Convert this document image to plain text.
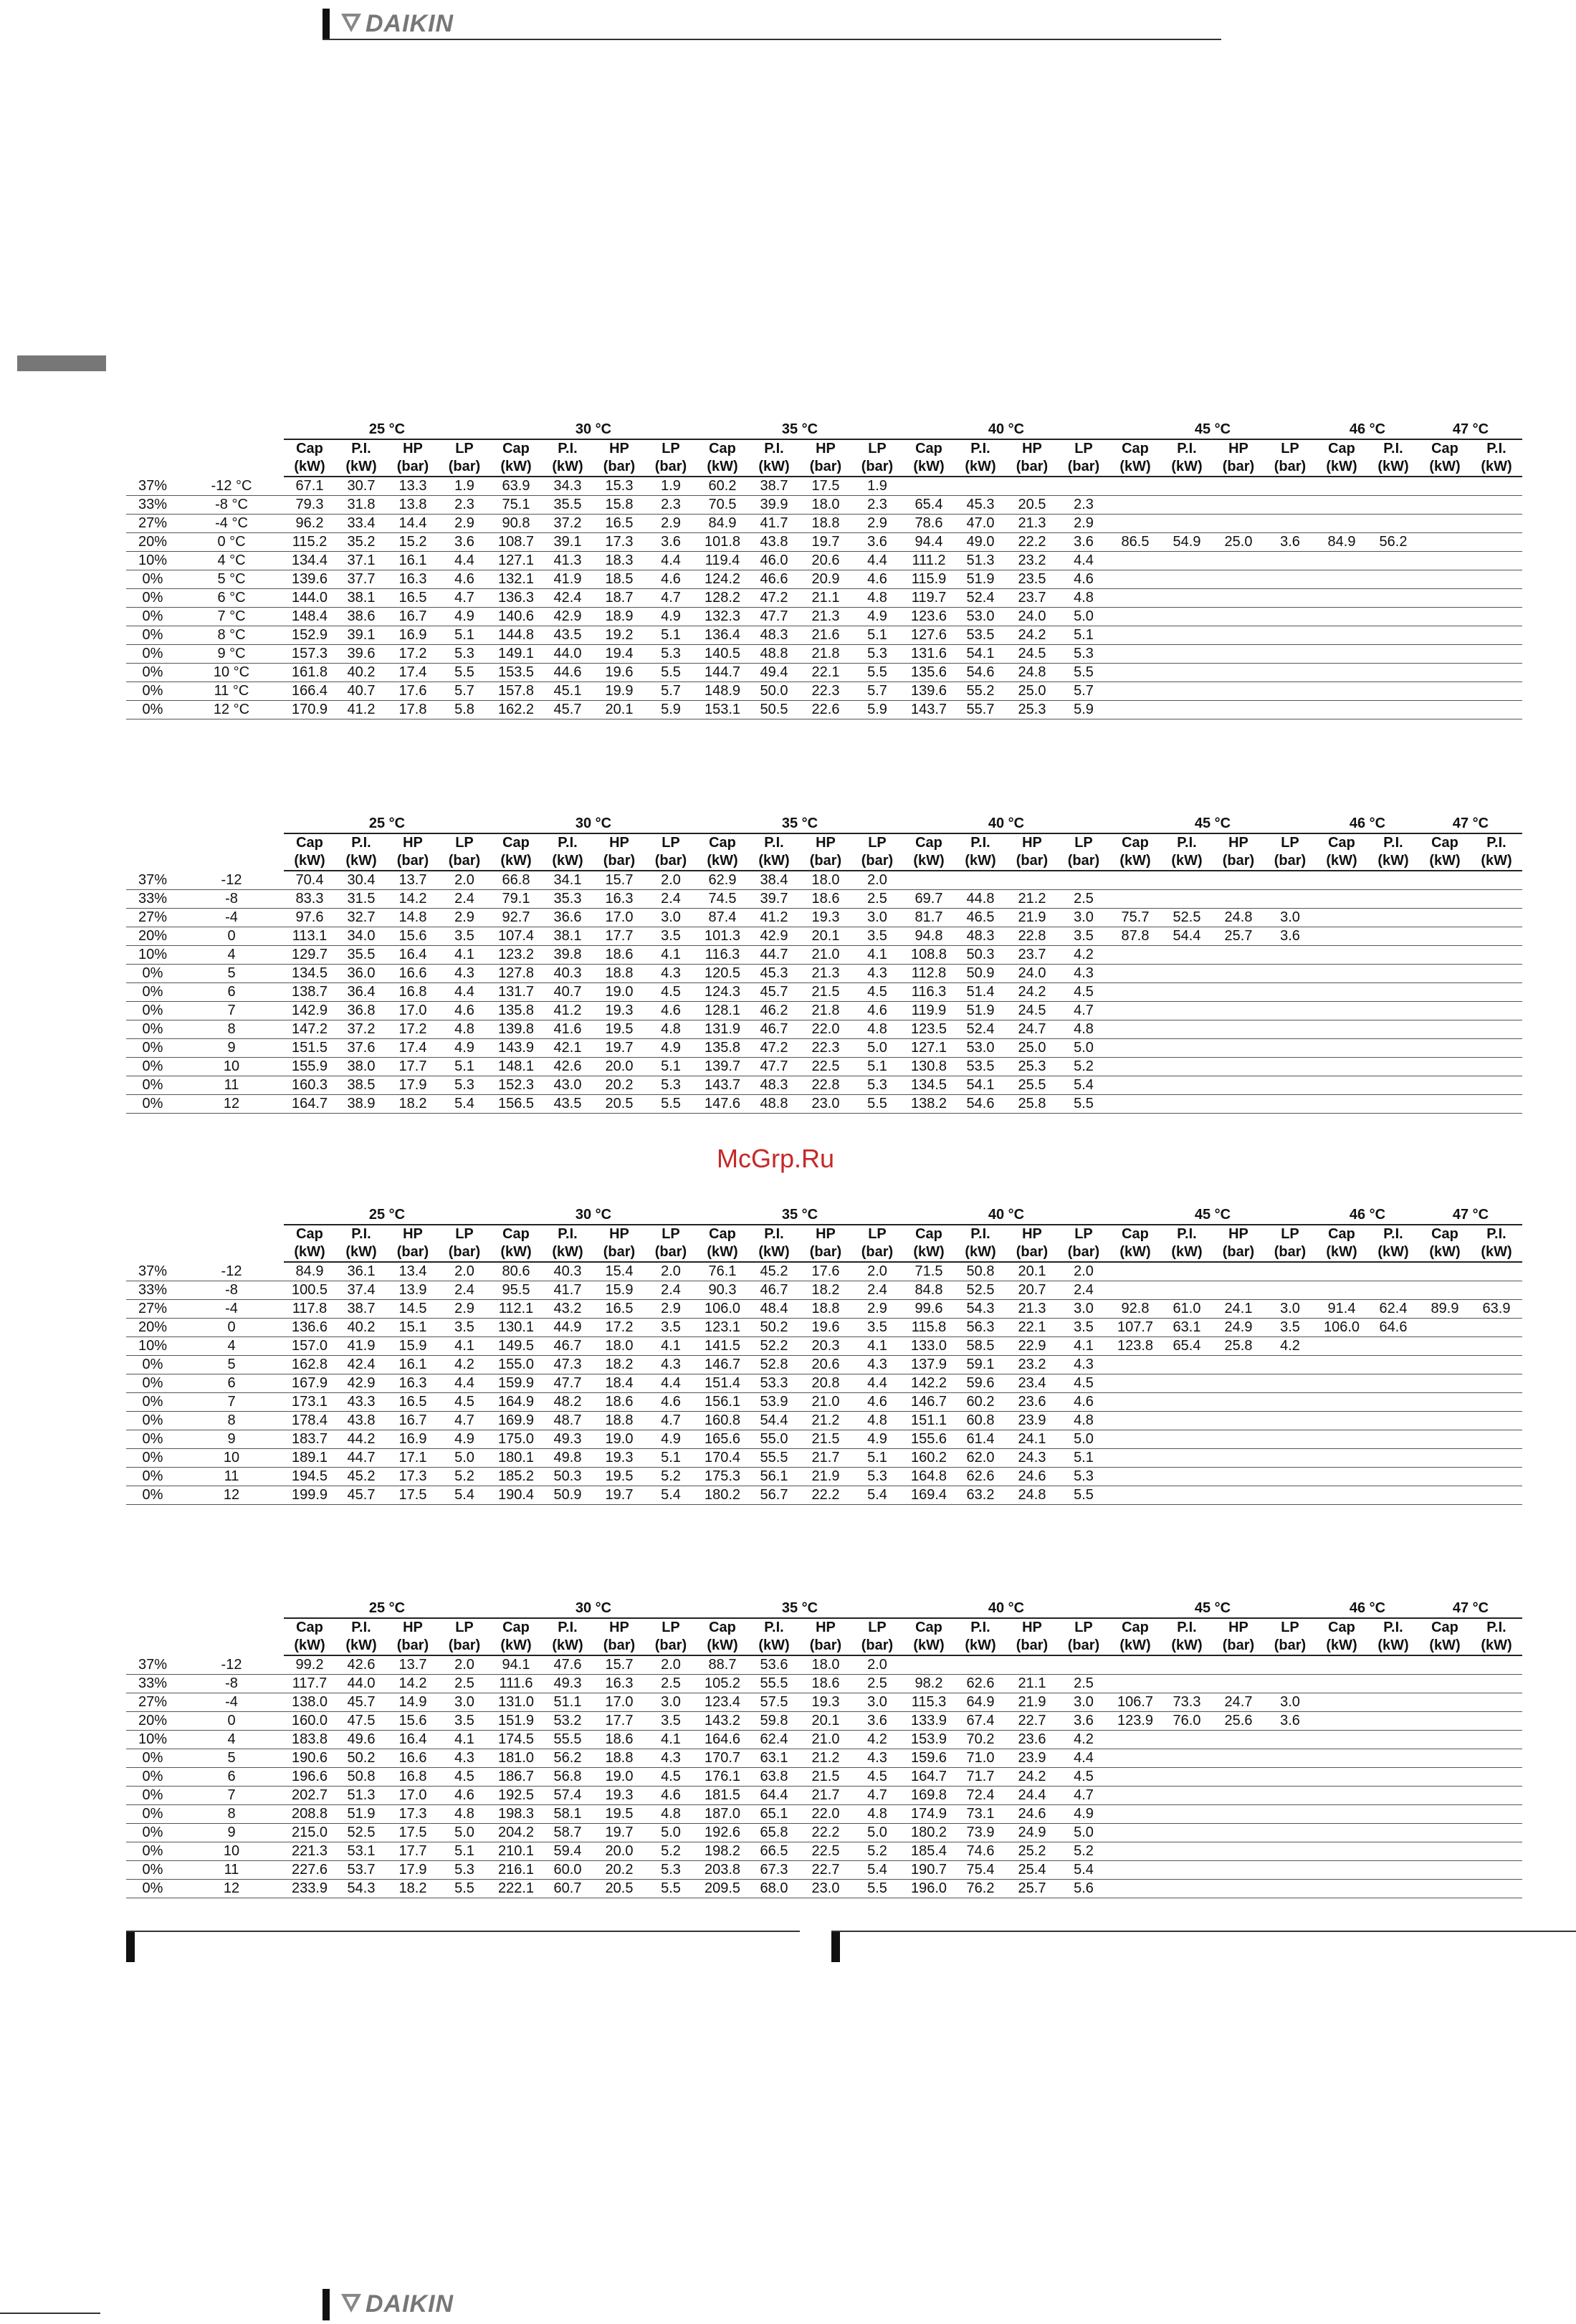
DAIKIN
McGrp.Ru
		25 °C				30 °C				35 °C				40 °C				45 °C				46 °C		47 °C	
		Cap	P.I.	HP	LP	Cap	P.I.	HP	LP	Cap	P.I.	HP	LP	Cap	P.I.	HP	LP	Cap	P.I.	HP	LP	Cap	P.I.	Cap	P.I.
		(kW)	(kW)	(bar)	(bar)	(kW)	(kW)	(bar)	(bar)	(kW)	(kW)	(bar)	(bar)	(kW)	(kW)	(bar)	(bar)	(kW)	(kW)	(bar)	(bar)	(kW)	(kW)	(kW)	(kW)
37%	-12 °C	67.1	30.7	13.3	1.9	63.9	34.3	15.3	1.9	60.2	38.7	17.5	1.9												
33%	-8 °C	79.3	31.8	13.8	2.3	75.1	35.5	15.8	2.3	70.5	39.9	18.0	2.3	65.4	45.3	20.5	2.3								
27%	-4 °C	96.2	33.4	14.4	2.9	90.8	37.2	16.5	2.9	84.9	41.7	18.8	2.9	78.6	47.0	21.3	2.9								
20%	0 °C	115.2	35.2	15.2	3.6	108.7	39.1	17.3	3.6	101.8	43.8	19.7	3.6	94.4	49.0	22.2	3.6	86.5	54.9	25.0	3.6	84.9	56.2		
10%	4 °C	134.4	37.1	16.1	4.4	127.1	41.3	18.3	4.4	119.4	46.0	20.6	4.4	111.2	51.3	23.2	4.4								
0%	5 °C	139.6	37.7	16.3	4.6	132.1	41.9	18.5	4.6	124.2	46.6	20.9	4.6	115.9	51.9	23.5	4.6								
0%	6 °C	144.0	38.1	16.5	4.7	136.3	42.4	18.7	4.7	128.2	47.2	21.1	4.8	119.7	52.4	23.7	4.8								
0%	7 °C	148.4	38.6	16.7	4.9	140.6	42.9	18.9	4.9	132.3	47.7	21.3	4.9	123.6	53.0	24.0	5.0								
0%	8 °C	152.9	39.1	16.9	5.1	144.8	43.5	19.2	5.1	136.4	48.3	21.6	5.1	127.6	53.5	24.2	5.1								
0%	9 °C	157.3	39.6	17.2	5.3	149.1	44.0	19.4	5.3	140.5	48.8	21.8	5.3	131.6	54.1	24.5	5.3								
0%	10 °C	161.8	40.2	17.4	5.5	153.5	44.6	19.6	5.5	144.7	49.4	22.1	5.5	135.6	54.6	24.8	5.5								
0%	11 °C	166.4	40.7	17.6	5.7	157.8	45.1	19.9	5.7	148.9	50.0	22.3	5.7	139.6	55.2	25.0	5.7								
0%	12 °C	170.9	41.2	17.8	5.8	162.2	45.7	20.1	5.9	153.1	50.5	22.6	5.9	143.7	55.7	25.3	5.9								
		25 °C				30 °C				35 °C				40 °C				45 °C				46 °C		47 °C	
		Cap	P.I.	HP	LP	Cap	P.I.	HP	LP	Cap	P.I.	HP	LP	Cap	P.I.	HP	LP	Cap	P.I.	HP	LP	Cap	P.I.	Cap	P.I.
		(kW)	(kW)	(bar)	(bar)	(kW)	(kW)	(bar)	(bar)	(kW)	(kW)	(bar)	(bar)	(kW)	(kW)	(bar)	(bar)	(kW)	(kW)	(bar)	(bar)	(kW)	(kW)	(kW)	(kW)
37%	-12	70.4	30.4	13.7	2.0	66.8	34.1	15.7	2.0	62.9	38.4	18.0	2.0												
33%	-8	83.3	31.5	14.2	2.4	79.1	35.3	16.3	2.4	74.5	39.7	18.6	2.5	69.7	44.8	21.2	2.5								
27%	-4	97.6	32.7	14.8	2.9	92.7	36.6	17.0	3.0	87.4	41.2	19.3	3.0	81.7	46.5	21.9	3.0	75.7	52.5	24.8	3.0				
20%	0	113.1	34.0	15.6	3.5	107.4	38.1	17.7	3.5	101.3	42.9	20.1	3.5	94.8	48.3	22.8	3.5	87.8	54.4	25.7	3.6				
10%	4	129.7	35.5	16.4	4.1	123.2	39.8	18.6	4.1	116.3	44.7	21.0	4.1	108.8	50.3	23.7	4.2								
0%	5	134.5	36.0	16.6	4.3	127.8	40.3	18.8	4.3	120.5	45.3	21.3	4.3	112.8	50.9	24.0	4.3								
0%	6	138.7	36.4	16.8	4.4	131.7	40.7	19.0	4.5	124.3	45.7	21.5	4.5	116.3	51.4	24.2	4.5								
0%	7	142.9	36.8	17.0	4.6	135.8	41.2	19.3	4.6	128.1	46.2	21.8	4.6	119.9	51.9	24.5	4.7								
0%	8	147.2	37.2	17.2	4.8	139.8	41.6	19.5	4.8	131.9	46.7	22.0	4.8	123.5	52.4	24.7	4.8								
0%	9	151.5	37.6	17.4	4.9	143.9	42.1	19.7	4.9	135.8	47.2	22.3	5.0	127.1	53.0	25.0	5.0								
0%	10	155.9	38.0	17.7	5.1	148.1	42.6	20.0	5.1	139.7	47.7	22.5	5.1	130.8	53.5	25.3	5.2								
0%	11	160.3	38.5	17.9	5.3	152.3	43.0	20.2	5.3	143.7	48.3	22.8	5.3	134.5	54.1	25.5	5.4								
0%	12	164.7	38.9	18.2	5.4	156.5	43.5	20.5	5.5	147.6	48.8	23.0	5.5	138.2	54.6	25.8	5.5								
		25 °C				30 °C				35 °C				40 °C				45 °C				46 °C		47 °C	
		Cap	P.I.	HP	LP	Cap	P.I.	HP	LP	Cap	P.I.	HP	LP	Cap	P.I.	HP	LP	Cap	P.I.	HP	LP	Cap	P.I.	Cap	P.I.
		(kW)	(kW)	(bar)	(bar)	(kW)	(kW)	(bar)	(bar)	(kW)	(kW)	(bar)	(bar)	(kW)	(kW)	(bar)	(bar)	(kW)	(kW)	(bar)	(bar)	(kW)	(kW)	(kW)	(kW)
37%	-12	84.9	36.1	13.4	2.0	80.6	40.3	15.4	2.0	76.1	45.2	17.6	2.0	71.5	50.8	20.1	2.0								
33%	-8	100.5	37.4	13.9	2.4	95.5	41.7	15.9	2.4	90.3	46.7	18.2	2.4	84.8	52.5	20.7	2.4								
27%	-4	117.8	38.7	14.5	2.9	112.1	43.2	16.5	2.9	106.0	48.4	18.8	2.9	99.6	54.3	21.3	3.0	92.8	61.0	24.1	3.0	91.4	62.4	89.9	63.9
20%	0	136.6	40.2	15.1	3.5	130.1	44.9	17.2	3.5	123.1	50.2	19.6	3.5	115.8	56.3	22.1	3.5	107.7	63.1	24.9	3.5	106.0	64.6		
10%	4	157.0	41.9	15.9	4.1	149.5	46.7	18.0	4.1	141.5	52.2	20.3	4.1	133.0	58.5	22.9	4.1	123.8	65.4	25.8	4.2				
0%	5	162.8	42.4	16.1	4.2	155.0	47.3	18.2	4.3	146.7	52.8	20.6	4.3	137.9	59.1	23.2	4.3								
0%	6	167.9	42.9	16.3	4.4	159.9	47.7	18.4	4.4	151.4	53.3	20.8	4.4	142.2	59.6	23.4	4.5								
0%	7	173.1	43.3	16.5	4.5	164.9	48.2	18.6	4.6	156.1	53.9	21.0	4.6	146.7	60.2	23.6	4.6								
0%	8	178.4	43.8	16.7	4.7	169.9	48.7	18.8	4.7	160.8	54.4	21.2	4.8	151.1	60.8	23.9	4.8								
0%	9	183.7	44.2	16.9	4.9	175.0	49.3	19.0	4.9	165.6	55.0	21.5	4.9	155.6	61.4	24.1	5.0								
0%	10	189.1	44.7	17.1	5.0	180.1	49.8	19.3	5.1	170.4	55.5	21.7	5.1	160.2	62.0	24.3	5.1								
0%	11	194.5	45.2	17.3	5.2	185.2	50.3	19.5	5.2	175.3	56.1	21.9	5.3	164.8	62.6	24.6	5.3								
0%	12	199.9	45.7	17.5	5.4	190.4	50.9	19.7	5.4	180.2	56.7	22.2	5.4	169.4	63.2	24.8	5.5								
		25 °C				30 °C				35 °C				40 °C				45 °C				46 °C		47 °C	
		Cap	P.I.	HP	LP	Cap	P.I.	HP	LP	Cap	P.I.	HP	LP	Cap	P.I.	HP	LP	Cap	P.I.	HP	LP	Cap	P.I.	Cap	P.I.
		(kW)	(kW)	(bar)	(bar)	(kW)	(kW)	(bar)	(bar)	(kW)	(kW)	(bar)	(bar)	(kW)	(kW)	(bar)	(bar)	(kW)	(kW)	(bar)	(bar)	(kW)	(kW)	(kW)	(kW)
37%	-12	99.2	42.6	13.7	2.0	94.1	47.6	15.7	2.0	88.7	53.6	18.0	2.0												
33%	-8	117.7	44.0	14.2	2.5	111.6	49.3	16.3	2.5	105.2	55.5	18.6	2.5	98.2	62.6	21.1	2.5								
27%	-4	138.0	45.7	14.9	3.0	131.0	51.1	17.0	3.0	123.4	57.5	19.3	3.0	115.3	64.9	21.9	3.0	106.7	73.3	24.7	3.0				
20%	0	160.0	47.5	15.6	3.5	151.9	53.2	17.7	3.5	143.2	59.8	20.1	3.6	133.9	67.4	22.7	3.6	123.9	76.0	25.6	3.6				
10%	4	183.8	49.6	16.4	4.1	174.5	55.5	18.6	4.1	164.6	62.4	21.0	4.2	153.9	70.2	23.6	4.2								
0%	5	190.6	50.2	16.6	4.3	181.0	56.2	18.8	4.3	170.7	63.1	21.2	4.3	159.6	71.0	23.9	4.4								
0%	6	196.6	50.8	16.8	4.5	186.7	56.8	19.0	4.5	176.1	63.8	21.5	4.5	164.7	71.7	24.2	4.5								
0%	7	202.7	51.3	17.0	4.6	192.5	57.4	19.3	4.6	181.5	64.4	21.7	4.7	169.8	72.4	24.4	4.7								
0%	8	208.8	51.9	17.3	4.8	198.3	58.1	19.5	4.8	187.0	65.1	22.0	4.8	174.9	73.1	24.6	4.9								
0%	9	215.0	52.5	17.5	5.0	204.2	58.7	19.7	5.0	192.6	65.8	22.2	5.0	180.2	73.9	24.9	5.0								
0%	10	221.3	53.1	17.7	5.1	210.1	59.4	20.0	5.2	198.2	66.5	22.5	5.2	185.4	74.6	25.2	5.2								
0%	11	227.6	53.7	17.9	5.3	216.1	60.0	20.2	5.3	203.8	67.3	22.7	5.4	190.7	75.4	25.4	5.4								
0%	12	233.9	54.3	18.2	5.5	222.1	60.7	20.5	5.5	209.5	68.0	23.0	5.5	196.0	76.2	25.7	5.6								
DAIKIN
